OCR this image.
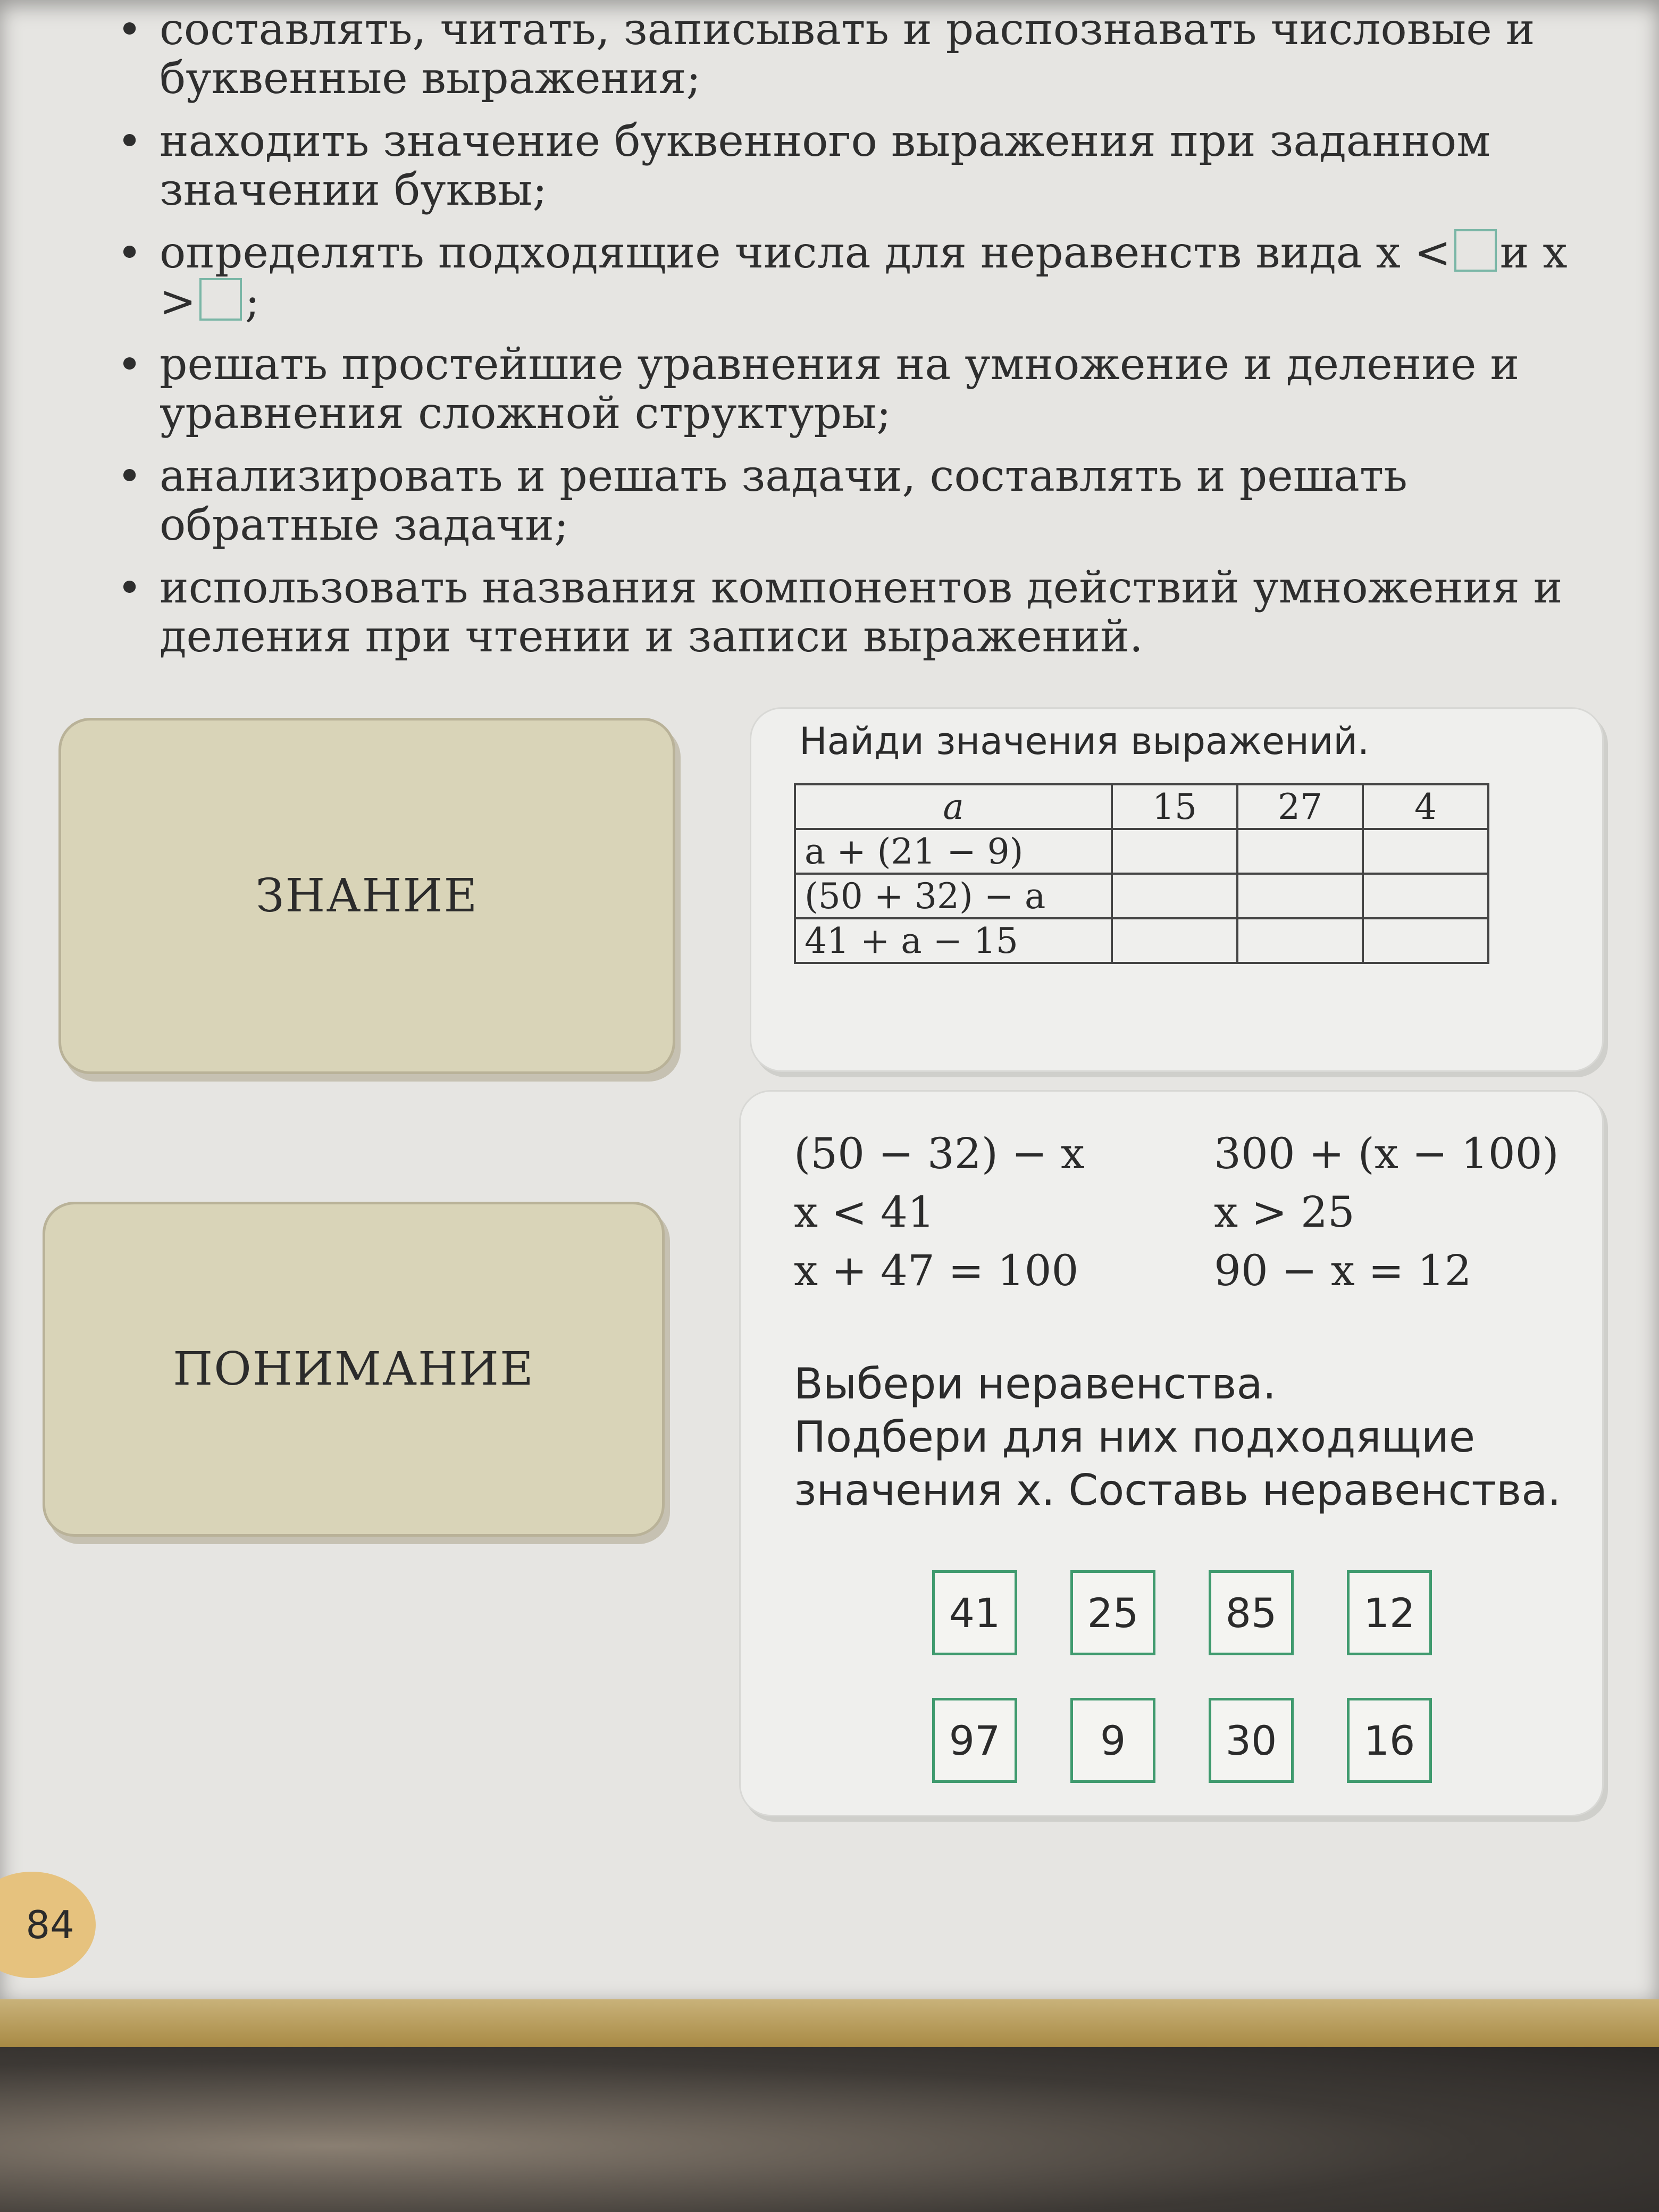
• составлять, читать, записывать и распознавать числовые и буквенные выражения;
• находить значение буквенного выражения при заданном значении буквы;
• определять подходящие числа для неравенств вида x < и x > ;
• решать простейшие уравнения на умножение и деление и уравнения сложной структуры;
• анализировать и решать задачи, составлять и решать обратные задачи;
• использовать названия компонентов действий умножения и деления при чтении и записи выражений.
ЗНАНИЕ
Найди значения выражений.
a	15	27	4
a + (21 − 9)			
(50 + 32) − a			
41 + a − 15			
ПОНИМАНИЕ
(50 − 32) − x	300 + (x − 100)
x < 41	x > 25
x + 47 = 100	90 − x = 12
Выбери неравенства.
Подбери для них подходящие
значения x. Составь неравенства.
41	25	85	12
97	9	30	16
84
